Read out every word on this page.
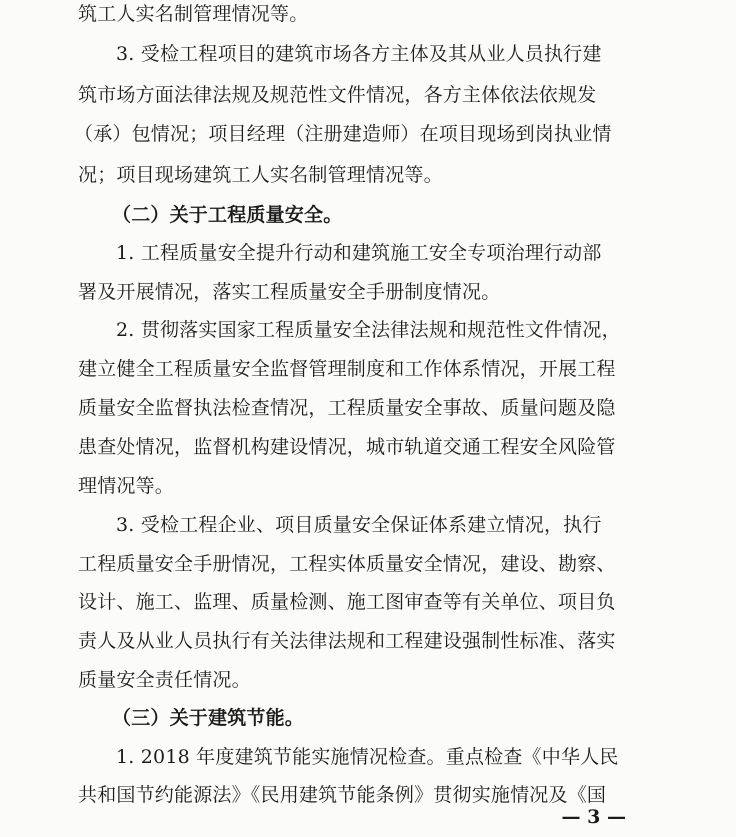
筑工人实名制管理情况等。
3. 受检工程项目的建筑市场各方主体及其从业人员执行建
筑市场方面法律法规及规范性文件情况，各方主体依法依规发
（承）包情况；项目经理（注册建造师）在项目现场到岗执业情
况；项目现场建筑工人实名制管理情况等。
（二）关于工程质量安全。
1. 工程质量安全提升行动和建筑施工安全专项治理行动部
署及开展情况，落实工程质量安全手册制度情况。
2. 贯彻落实国家工程质量安全法律法规和规范性文件情况，
建立健全工程质量安全监督管理制度和工作体系情况，开展工程
质量安全监督执法检查情况，工程质量安全事故、质量问题及隐
患查处情况，监督机构建设情况，城市轨道交通工程安全风险管
理情况等。
3. 受检工程企业、项目质量安全保证体系建立情况，执行
工程质量安全手册情况，工程实体质量安全情况，建设、勘察、
设计、施工、监理、质量检测、施工图审查等有关单位、项目负
责人及从业人员执行有关法律法规和工程建设强制性标准、落实
质量安全责任情况。
（三）关于建筑节能。
1. 2018 年度建筑节能实施情况检查。重点检查《中华人民
共和国节约能源法》《民用建筑节能条例》贯彻实施情况及《国
— 3 —
